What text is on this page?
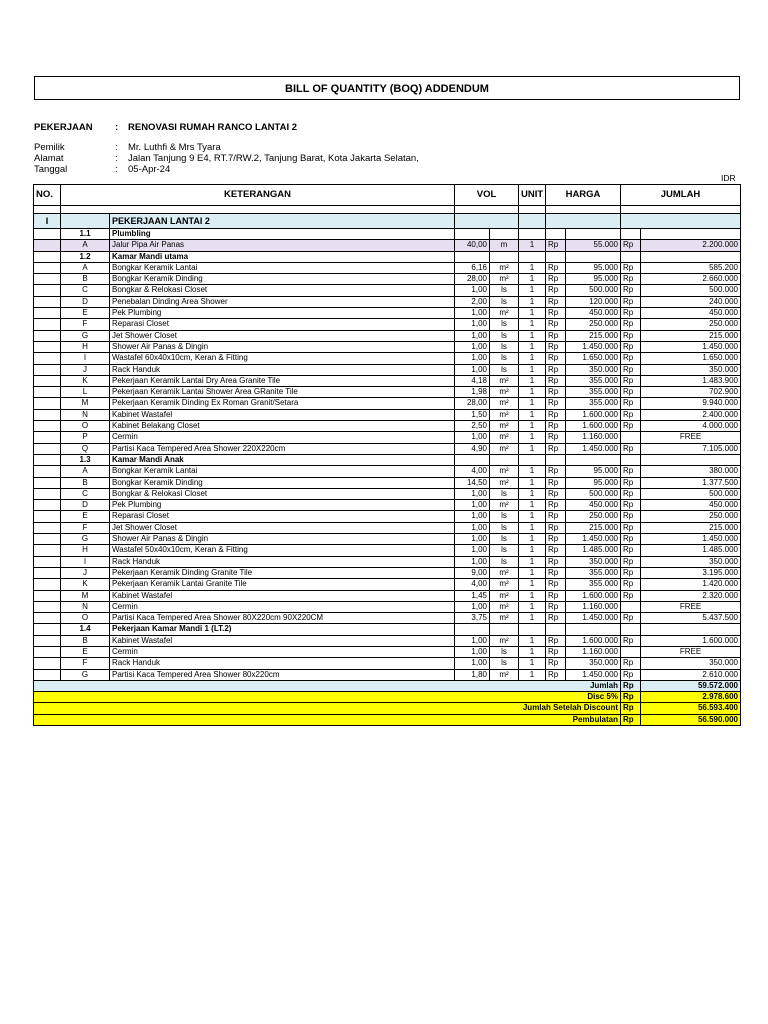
BILL OF QUANTITY (BOQ) ADDENDUM
PEKERJAAN : RENOVASI RUMAH RANCO LANTAI 2
Pemilik	: Mr. Luthfi & Mrs Tyara
Alamat	: Jalan Tanjung 9 E4, RT.7/RW.2, Tanjung Barat, Kota Jakarta Selatan,
Tanggal	: 05-Apr-24
IDR
NO.	KETERANGAN		VOL		UNIT	HARGA		JUMLAH	

I		PEKERJAAN LANTAI 2							
	1.1	Plumbling							
	A	Jalur Pipa Air Panas	40,00	m	1	Rp	55.000	Rp	2.200.000
	1.2	Kamar Mandi utama							
	A	Bongkar Keramik Lantai	6,16	m²	1	Rp	95.000	Rp	585.200
	B	Bongkar Keramik Dinding	28,00	m²	1	Rp	95.000	Rp	2.660.000
	C	Bongkar & Relokasi Closet	1,00	ls	1	Rp	500.000	Rp	500.000
	D	Penebalan Dinding Area Shower	2,00	ls	1	Rp	120.000	Rp	240.000
	E	Pek Plumbing	1,00	m²	1	Rp	450.000	Rp	450.000
	F	Reparasi Closet	1,00	ls	1	Rp	250.000	Rp	250.000
	G	Jet Shower Closet	1,00	ls	1	Rp	215.000	Rp	215.000
	H	Shower Air Panas & Dingin	1,00	ls	1	Rp	1.450.000	Rp	1.450.000
	I	Wastafel 60x40x10cm, Keran & Fitting	1,00	ls	1	Rp	1.650.000	Rp	1.650.000
	J	Rack Handuk	1,00	ls	1	Rp	350.000	Rp	350.000
	K	Pekerjaan Keramik Lantai Dry Area Granite Tile	4,18	m²	1	Rp	355.000	Rp	1.483.900
	L	Pekerjaan Keramik Lantai Shower Area GRanite Tile	1,98	m²	1	Rp	355.000	Rp	702.900
	M	Pekerjaan Keramik Dinding Ex Roman Granit/Setara	28,00	m²	1	Rp	355.000	Rp	9.940.000
	N	Kabinet Wastafel	1,50	m²	1	Rp	1.600.000	Rp	2.400.000
	O	Kabinet Belakang Closet	2,50	m²	1	Rp	1.600.000	Rp	4.000.000
	P	Cermin	1,00	m²	1	Rp	1.160.000		FREE
	Q	Partisi Kaca Tempered Area Shower 220X220cm	4,90	m²	1	Rp	1.450.000	Rp	7.105.000
	1.3	Kamar Mandi Anak							
	A	Bongkar Keramik Lantai	4,00	m²	1	Rp	95.000	Rp	380.000
	B	Bongkar Keramik Dinding	14,50	m²	1	Rp	95.000	Rp	1.377.500
	C	Bongkar & Relokasi Closet	1,00	ls	1	Rp	500.000	Rp	500.000
	D	Pek Plumbing	1,00	m²	1	Rp	450.000	Rp	450.000
	E	Reparasi Closet	1,00	ls	1	Rp	250.000	Rp	250.000
	F	Jet Shower Closet	1,00	ls	1	Rp	215.000	Rp	215.000
	G	Shower Air Panas & Dingin	1,00	ls	1	Rp	1.450.000	Rp	1.450.000
	H	Wastafel 50x40x10cm, Keran & Fitting	1,00	ls	1	Rp	1.485.000	Rp	1.485.000
	I	Rack Handuk	1,00	ls	1	Rp	350.000	Rp	350.000
	J	Pekerjaan Keramik Dinding Granite Tile	9,00	m²	1	Rp	355.000	Rp	3.195.000
	K	Pekerjaan Keramik Lantai Granite Tile	4,00	m²	1	Rp	355.000	Rp	1.420.000
	M	Kabinet Wastafel	1,45	m²	1	Rp	1.600.000	Rp	2.320.000
	N	Cermin	1,00	m²	1	Rp	1.160.000		FREE
	O	Partisi Kaca Tempered Area Shower 80X220cm 90X220CM	3,75	m²	1	Rp	1.450.000	Rp	5.437.500
	1.4	Pekerjaan Kamar Mandi 1 (LT.2)							
	B	Kabinet Wastafel	1,00	m²	1	Rp	1.600.000	Rp	1.600.000
	E	Cermin	1,00	ls	1	Rp	1.160.000		FREE
	F	Rack Handuk	1,00	ls	1	Rp	350.000	Rp	350.000
	G	Partisi Kaca Tempered Area Shower 80x220cm	1,80	m²	1	Rp	1.450.000	Rp	2.610.000
Jumlah								Rp	59.572.000
Disc 5%								Rp	2.978.600
Jumlah Setelah Discount								Rp	56.593.400
Pembulatan								Rp	56.590.000
